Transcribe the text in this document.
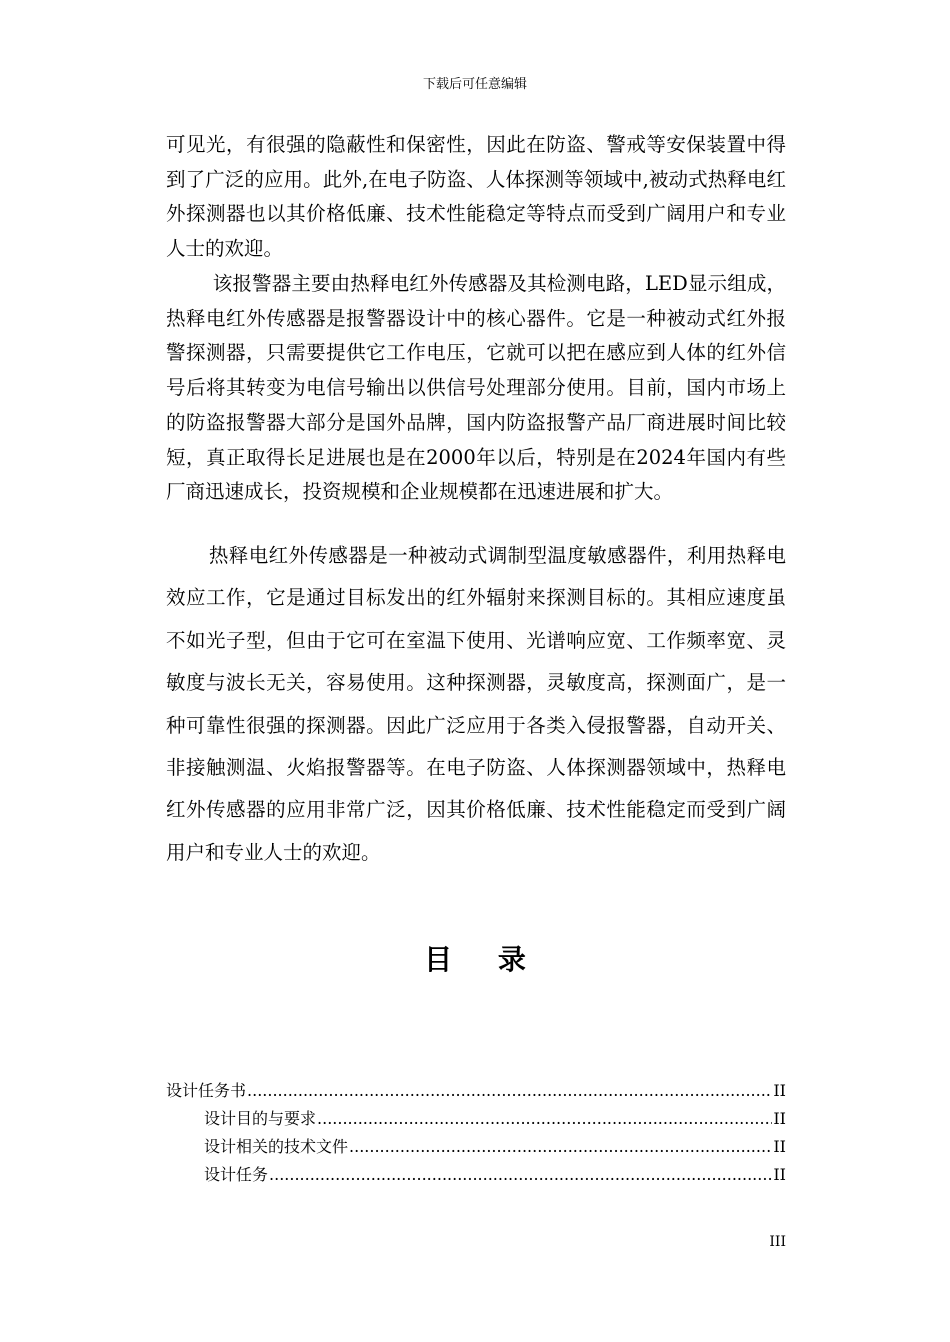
下载后可任意编辑

可见光，有很强的隐蔽性和保密性，因此在防盗、警戒等安保装置中得到了广泛的应用。此外,在电子防盗、人体探测等领域中,被动式热释电红外探测器也以其价格低廉、技术性能稳定等特点而受到广阔用户和专业人士的欢迎。

该报警器主要由热释电红外传感器及其检测电路，LED显示组成，热释电红外传感器是报警器设计中的核心器件。它是一种被动式红外报警探测器，只需要提供它工作电压，它就可以把在感应到人体的红外信号后将其转变为电信号输出以供信号处理部分使用。目前，国内市场上的防盗报警器大部分是国外品牌，国内防盗报警产品厂商进展时间比较短，真正取得长足进展也是在2000年以后，特别是在2024年国内有些厂商迅速成长，投资规模和企业规模都在迅速进展和扩大。

热释电红外传感器是一种被动式调制型温度敏感器件，利用热释电效应工作，它是通过目标发出的红外辐射来探测目标的。其相应速度虽不如光子型，但由于它可在室温下使用、光谱响应宽、工作频率宽、灵敏度与波长无关，容易使用。这种探测器，灵敏度高，探测面广，是一种可靠性很强的探测器。因此广泛应用于各类入侵报警器，自动开关、非接触测温、火焰报警器等。在电子防盗、人体探测器领域中，热释电红外传感器的应用非常广泛，因其价格低廉、技术性能稳定而受到广阔用户和专业人士的欢迎。

目 录
设计任务书 .....	II
设计目的与要求 .....	II
设计相关的技术文件 .....	II
设计任务 .....	II
III
